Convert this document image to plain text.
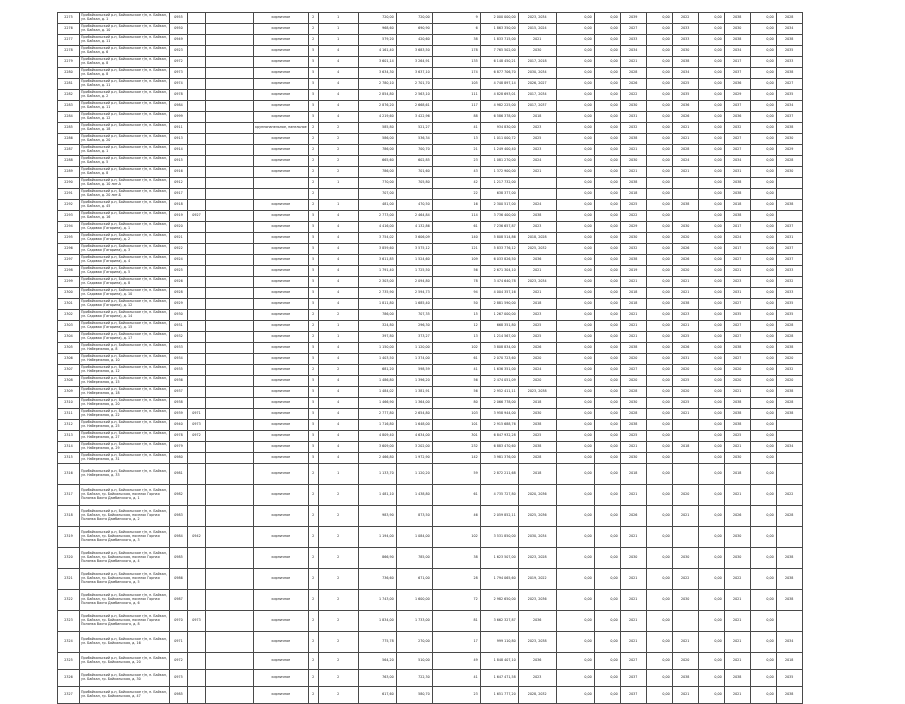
2275	Прибайкальский р-н, Байкальское г/п, п. Байкал, ул. Байкал, д. 1	0955			кирпичное	2	1	720,00	720,00	9	2 000 000,00	2023, 2034	0,00	0,00	2039	0,00	2022	0,00	2038	0,00	2028
2276	Прибайкальский р-н, Байкальское г/п, п. Байкал, ул. Байкал, д. 10	0950			кирпичное	2	1	968,60	690,90	6	1 863 350,00	2015, 2024	0,00	0,00	2027	0,00	2033	0,00	2030	0,00	2034
2277	Прибайкальский р-н, Байкальское г/п, п. Байкал, ул. Байкал, д. 11	0949			кирпичное	2	1	579,20	420,60	38	1 833 715,00	2021	0,00	0,00	2033	0,00	2033	0,00	2038	0,00	2038
2278	Прибайкальский р-н, Байкальское г/п, п. Байкал, ул. Байкал, д. 6	0923			кирпичное	5	4	4 161,40	3 683,50	178	7 765 502,00	2030	0,00	0,00	2034	0,00	2030	0,00	2034	0,00	2035
2279	Прибайкальский р-н, Байкальское г/п, п. Байкал, ул. Байкал, д. 8	0972			кирпичное	5	4	3 601,14	3 264,91	135	6 148 450,21	2017, 2018	0,00	0,00	2021	0,00	2038	0,00	2017	0,00	2033
2280	Прибайкальский р-н, Байкальское г/п, п. Байкал, ул. Байкал, д. 8	0973			кирпичное	5	4	3 634,30	3 637,10	174	6 877 706,70	2030, 2034	0,00	0,00	2028	0,00	2034	0,00	2037	0,00	2038
2281	Прибайкальский р-н, Байкальское г/п, п. Байкал, ул. Байкал, д. 11	0974			кирпичное	5	4	2 780,10	2 701,70	105	4 748 897,14	2026, 2027	0,00	0,00	2026	0,00	2025	0,00	2036	0,00	2027
2282	Прибайкальский р-н, Байкальское г/п, п. Байкал, ул. Байкал, д. 2	0978			кирпичное	5	4	2 854,80	2 563,10	111	4 828 693,01	2017, 2034	0,00	0,00	2022	0,00	2035	0,00	2029	0,00	2035
2283	Прибайкальский р-н, Байкальское г/п, п. Байкал, ул. Байкал, д. 11	0984			кирпичное	5	4	2 876,20	2 668,61	117	4 982 225,00	2017, 2037	0,00	0,00	2030	0,00	2036	0,00	2037	0,00	2034
2284	Прибайкальский р-н, Байкальское г/п, п. Байкал, ул. Байкал, д. 12	0999			кирпичное	5	4	4 219,60	3 422,96	88	6 586 378,00	2018	0,00	0,00	2031	0,00	2026	0,00	2036	0,00	2037
2285	Прибайкальский р-н, Байкальское г/п, п. Байкал, ул. Байкал, д. 18	0911			крупнопанельное, панельное	2	2	585,80	521,27	41	934 830,00	2023	0,00	0,00	2032	0,00	2021	0,00	2032	0,00	2038
2286	Прибайкальский р-н, Байкальское г/п, п. Байкал, ул. Байкал, д. 20	0913			кирпичное	2	2	586,00	536,34	13	1 011 000,72	2025	0,00	0,00	2038	0,00	2021	0,00	2027	0,00	2030
2287	Прибайкальский р-н, Байкальское г/п, п. Байкал, ул. Байкал, д. 1	0914			кирпичное	2	2	786,00	700,70	21	1 249 400,40	2023	0,00	0,00	2021	0,00	2028	0,00	2027	0,00	2029
2288	Прибайкальский р-н, Байкальское г/п, п. Байкал, ул. Байкал, д. 5	0915			кирпичное	2	2	665,60	602,85	23	1 081 270,00	2024	0,00	0,00	2030	0,00	2024	0,00	2034	0,00	2028
2289	Прибайкальский р-н, Байкальское г/п, п. Байкал, ул. Байкал, д. 8	0916			кирпичное	2	2	786,00	701,60	43	1 372 900,00	2021	0,00	0,00	2021	0,00	2021	0,00	2031	0,00	2030
2290	Прибайкальский р-н, Байкальское г/п, п. Байкал, ул. Байкал, д. 10 лит.А	0912				2	1	770,00	705,80	42	1 217 732,00		0,00	0,00	2038	0,00		0,00	2038	0,00	
2291	Прибайкальский р-н, Байкальское г/п, п. Байкал, ул. Байкал, д. 20 лит.Б	0917				2		707,00		22	638 377,00		0,00	0,00	2018	0,00		0,00	2038	0,00	
2292	Прибайкальский р-н, Байкальское г/п, п. Байкал, ул. Байкал, д. 45	0918			кирпичное	2	1	481,00	470,50	16	2 300 517,00	2024	0,00	0,00	2025	0,00	2038	0,00	2018	0,00	2038
2293	Прибайкальский р-н, Байкальское г/п, п. Байкал, ул. Байкал, д. 16	0919	0927		кирпичное	5	4	2 773,00	2 464,84	114	3 736 400,00	2038	0,00	0,00	2022	0,00		0,00	2038	0,00	
2294	Прибайкальский р-н, Байкальское г/п, п. Байкал, ул. Садовая (Гагарина), д. 1	0920			кирпичное	5	4	4 416,00	4 132,86	61	7 236 657,87	2023	0,00	0,00	2029	0,00	2030	0,00	2017	0,00	2037
2295	Прибайкальский р-н, Байкальское г/п, п. Байкал, ул. Садовая (Гагарина), д. 2	0921			кирпичное	5	4	3 754,02	3 606,09	140	5 808 514,86	2018, 2028	0,00	0,00	2030	0,00	2020	0,00	2024	0,00	2031
2296	Прибайкальский р-н, Байкальское г/п, п. Байкал, ул. Садовая (Гагарина), д. 3	0922			кирпичное	5	4	3 859,60	3 575,12	121	5 833 776,12	2025, 2032	0,00	0,00	2032	0,00	2026	0,00	2017	0,00	2037
2297	Прибайкальский р-н, Байкальское г/п, п. Байкал, ул. Садовая (Гагарина), д. 4	0924			кирпичное	5	4	3 611,85	1 524,60	109	6 033 826,50	2036	0,00	0,00	2038	0,00	2026	0,00	2027	0,00	2037
2298	Прибайкальский р-н, Байкальское г/п, п. Байкал, ул. Садовая (Гагарина), д. 5	0925			кирпичное	5	4	1 791,40	1 725,50	56	2 671 304,10	2021	0,00	0,00	2019	0,00	2020	0,00	2021	0,00	2033
2299	Прибайкальский р-н, Байкальское г/п, п. Байкал, ул. Садовая (Гагарина), д. 8	0926			кирпичное	5	4	2 303,00	2 094,80	78	3 474 640,78	2023, 2034	0,00	0,00	2021	0,00	2021	0,00	2023	0,00	2032
2300	Прибайкальский р-н, Байкальское г/п, п. Байкал, ул. Садовая (Гагарина), д. 10	0928			кирпичное	5	4	2 735,90	2 594,73	94	4 004 357,16	2021	0,00	0,00	2018	0,00	2021	0,00	2031	0,00	2033
2301	Прибайкальский р-н, Байкальское г/п, п. Байкал, ул. Садовая (Гагарина), д. 12	0929			кирпичное	5	4	1 811,80	1 685,40	50	2 881 590,00	2018	0,00	0,00	2018	0,00	2038	0,00	2027	0,00	2035
2302	Прибайкальский р-н, Байкальское г/п, п. Байкал, ул. Садовая (Гагарина), д. 14	0930			кирпичное	2	2	786,00	707,35	15	1 267 000,00	2023	0,00	0,00	2021	0,00	2023	0,00	2035	0,00	2035
2303	Прибайкальский р-н, Байкальское г/п, п. Байкал, ул. Садовая (Гагарина), д. 15	0931			кирпичное	2	1	324,80	296,30	12	668 351,80	2025	0,00	0,00	2021	0,00	2021	0,00	2027	0,00	2028
2304	Прибайкальский р-н, Байкальское г/п, п. Байкал, ул. Садовая (Гагарина), д. 17	0932			кирпичное	2	1	397,80	373,27	13	1 214 567,00	2025	0,00	0,00	2021	0,00	2025	0,00	2027	0,00	2028
2305	Прибайкальский р-н, Байкальское г/п, п. Байкал, ул. Набережная, д. 8	0933			кирпичное	5	4	1 150,00	1 120,00	102	3 808 834,00	2026	0,00	0,00	2038	0,00	2026	0,00	2038	0,00	2038
2306	Прибайкальский р-н, Байкальское г/п, п. Байкал, ул. Набережная, д. 10	0934			кирпичное	5	4	1 403,50	1 374,00	61	2 070 723,60	2020	0,00	0,00	2020	0,00	2031	0,00	2027	0,00	2020
2307	Прибайкальский р-н, Байкальское г/п, п. Байкал, ул. Набережная, д. 12	0935			кирпичное	2	2	681,20	598,59	41	1 636 351,00	2024	0,00	0,00	2027	0,00	2020	0,00	2020	0,00	2032
2308	Прибайкальский р-н, Байкальское г/п, п. Байкал, ул. Набережная, д. 15	0936			кирпичное	5	4	1 486,80	1 396,20	56	2 474 051,09	2020	0,00	0,00	2020	0,00	2025	0,00	2020	0,00	2020
2309	Прибайкальский р-н, Байкальское г/п, п. Байкал, ул. Набережная, д. 18	0937			кирпичное	5	4	1 484,02	1 381,91	56	2 952 411,11	2023, 2038	0,00	0,00	2028	0,00	2020	0,00	2021	0,00	2038
2310	Прибайкальский р-н, Байкальское г/п, п. Байкал, ул. Набережная, д. 20	0938			кирпичное	5	4	1 466,90	1 364,00	80	2 066 778,00	2018	0,00	0,00	2030	0,00	2025	0,00	2038	0,00	2028
2311	Прибайкальский р-н, Байкальское г/п, п. Байкал, ул. Набережная, д. 22	0939	0971		кирпичное	5	4	2 777,80	2 654,80	103	3 958 944,00	2030	0,00	0,00	2028	0,00	2021	0,00	2038	0,00	2038
2312	Прибайкальский р-н, Байкальское г/п, п. Байкал, ул. Набережная, д. 25	0940	0973		кирпичное	5	4	1 716,80	1 648,00	101	2 915 688,76	2038	0,00	0,00	2038	0,00		0,00	2038	0,00	
2313	Прибайкальский р-н, Байкальское г/п, п. Байкал, ул. Набережная, д. 27	0978	0972		кирпичное	5	4	4 809,40	4 634,00	301	6 847 932,28	2025	0,00	0,00	2025	0,00		0,00	2025	0,00	
2314	Прибайкальский р-н, Байкальское г/п, п. Байкал, ул. Набережная, д. 29	0979			кирпичное	5	4	3 609,00	3 202,00	232	6 883 470,60	2038	0,00	0,00	2021	0,00	2018	0,00	2021	0,00	2034
2315	Прибайкальский р-н, Байкальское г/п, п. Байкал, ул. Набережная, д. 31	0980			кирпичное	5	4	2 466,80	1 972,90	142	3 981 376,00	2028	0,00	0,00	2030	0,00		0,00	2030	0,00	
2316	Прибайкальский р-н, Байкальское г/п, п. Байкал, ул. Набережная, д. 33	0981			кирпичное	2	1	1 133,70	1 120,20	59	2 872 211,68	2018	0,00	0,00	2018	0,00		0,00	2018	0,00	
2317	Прибайкальский р-н, Байкальское г/п, п. Байкал, ул. Байкал, гр. Байкальская, поселок Горная Полянка Вахта Дамбинского, д. 1	0982			кирпичное	2	2	1 481,10	1 438,80	61	4 735 727,80	2020, 2036	0,00	0,00	2021	0,00	2020	0,00	2021	0,00	2022
2318	Прибайкальский р-н, Байкальское г/п, п. Байкал, ул. Байкал, гр. Байкальская, поселок Горная Полянка Вахта Дамбинского, д. 2	0983			кирпичное	2	2	983,90	873,50	46	2 059 852,11	2025, 2036	0,00	0,00	2026	0,00	2021	0,00	2026	0,00	2028
2319	Прибайкальский р-н, Байкальское г/п, п. Байкал, ул. Байкал, гр. Байкальская, поселок Горная Полянка Вахта Дамбинского, д. 3	0984	0942		кирпичное	2	2	1 194,00	1 084,00	102	3 531 850,00	2030, 2034	0,00	0,00	2021	0,00		0,00	2030	0,00	
2320	Прибайкальский р-н, Байкальское г/п, п. Байкал, ул. Байкал, гр. Байкальская, поселок Горная Полянка Вахта Дамбинского, д. 4	0985			кирпичное	2	2	866,90	785,00	38	1 623 507,00	2023, 2028	0,00	0,00	2030	0,00	2030	0,00	2030	0,00	2038
2321	Прибайкальский р-н, Байкальское г/п, п. Байкал, ул. Байкал, гр. Байкальская, поселок Горная Полянка Вахта Дамбинского, д. 5	0986			кирпичное	2	2	736,60	671,00	28	1 794 065,60	2019, 2022	0,00	0,00	2021	0,00	2022	0,00	2022	0,00	2038
2322	Прибайкальский р-н, Байкальское г/п, п. Байкал, ул. Байкал, гр. Байкальская, поселок Горная Полянка Вахта Дамбинского, д. 6	0987			кирпичное	2	2	1 743,00	1 600,00	72	2 982 650,00	2023, 2036	0,00	0,00	2021	0,00	2030	0,00	2021	0,00	2038
2323	Прибайкальский р-н, Байкальское г/п, п. Байкал, ул. Байкал, гр. Байкальская, поселок Горная Полянка Вахта Дамбинского, д. 8	0970	0973		кирпичное	2	2	1 834,00	1 733,00	81	3 662 327,87	2036	0,00	0,00	2021	0,00		0,00	2021	0,00	
2324	Прибайкальский р-н, Байкальское г/п, п. Байкал, ул. Байкал, гр. Байкальская, д. 16	0971			кирпичное	2	2	775,78	270,00	17	999 110,80	2023, 2038	0,00	0,00	2021	0,00	2021	0,00	2021	0,00	2034
2325	Прибайкальский р-н, Байкальское г/п, п. Байкал, ул. Байкал, гр. Байкальская, д. 20	0972			кирпичное	2	2	564,20	510,00	49	1 848 407,10	2036	0,00	0,00	2027	0,00	2020	0,00	2021	0,00	2018
2326	Прибайкальский р-н, Байкальское г/п, п. Байкал, ул. Байкал, гр. Байкальская, д. 30	0975			кирпичное	2	2	763,00	722,30	41	1 647 471,58	2023	0,00	0,00	2037	0,00	2038	0,00	2038	0,00	2035
2327	Прибайкальский р-н, Байкальское г/п, п. Байкал, ул. Байкал, гр. Байкальская, д. 47	0985			кирпичное	2	2	617,60	580,70	23	1 651 777,20	2028, 2032	0,00	0,00	2037	0,00	2021	0,00	2021	0,00	2038
